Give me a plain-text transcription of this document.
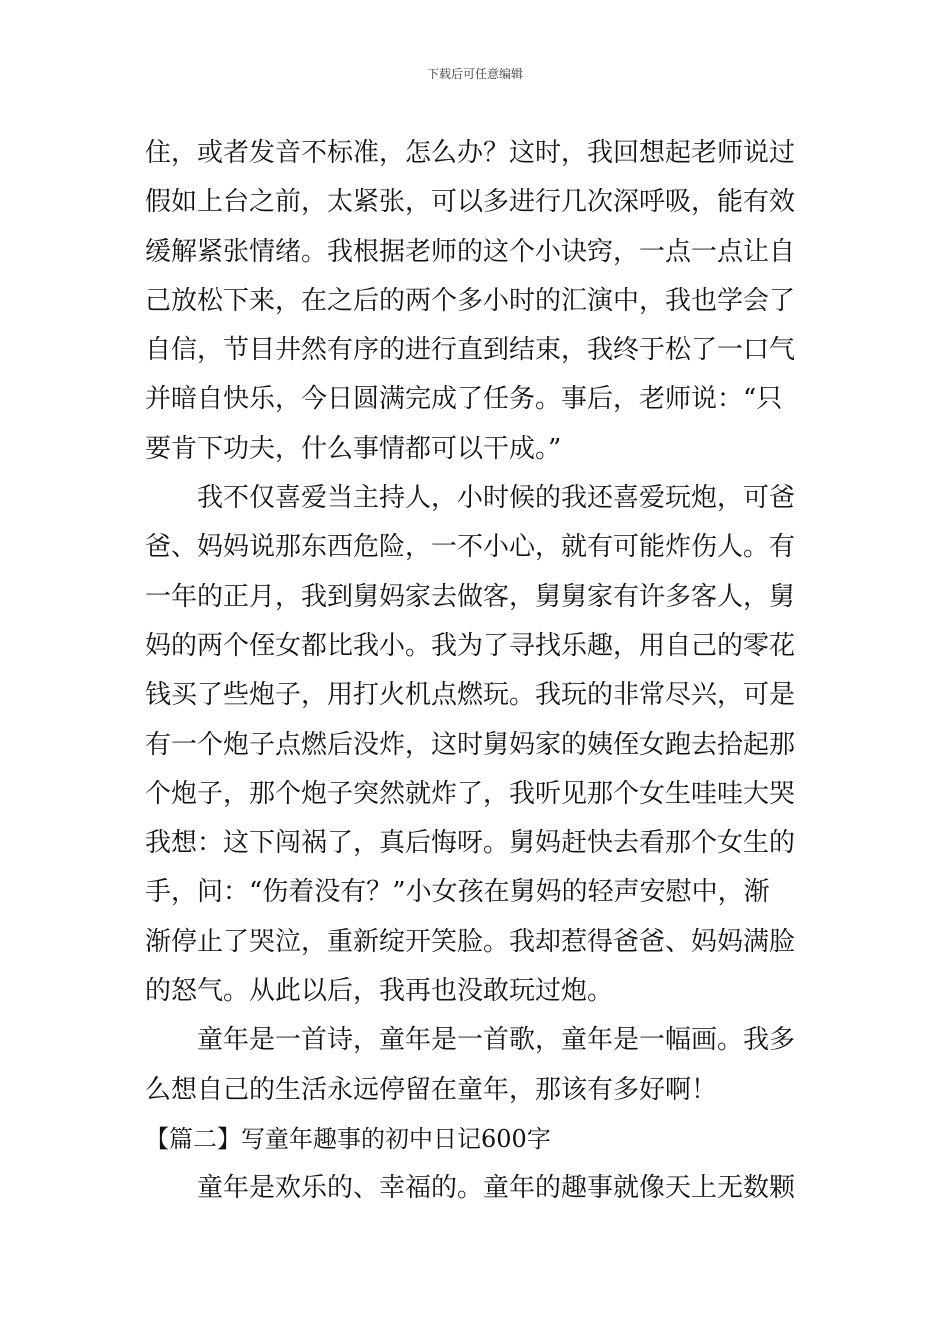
下载后可任意编辑
住，或者发音不标准，怎么办？这时，我回想起老师说过
假如上台之前，太紧张，可以多进行几次深呼吸，能有效
缓解紧张情绪。我根据老师的这个小诀窍，一点一点让自
己放松下来，在之后的两个多小时的汇演中，我也学会了
自信，节目井然有序的进行直到结束，我终于松了一口气
并暗自快乐，今日圆满完成了任务。事后，老师说：“只
要肯下功夫，什么事情都可以干成。”
我不仅喜爱当主持人，小时候的我还喜爱玩炮，可爸
爸、妈妈说那东西危险，一不小心，就有可能炸伤人。有
一年的正月，我到舅妈家去做客，舅舅家有许多客人，舅
妈的两个侄女都比我小。我为了寻找乐趣，用自己的零花
钱买了些炮子，用打火机点燃玩。我玩的非常尽兴，可是
有一个炮子点燃后没炸，这时舅妈家的姨侄女跑去拾起那
个炮子，那个炮子突然就炸了，我听见那个女生哇哇大哭
我想：这下闯祸了，真后悔呀。舅妈赶快去看那个女生的
手，问：“伤着没有？”小女孩在舅妈的轻声安慰中，渐
渐停止了哭泣，重新绽开笑脸。我却惹得爸爸、妈妈满脸
的怒气。从此以后，我再也没敢玩过炮。
童年是一首诗，童年是一首歌，童年是一幅画。我多
么想自己的生活永远停留在童年，那该有多好啊！
【篇二】写童年趣事的初中日记600字
童年是欢乐的、幸福的。童年的趣事就像天上无数颗
